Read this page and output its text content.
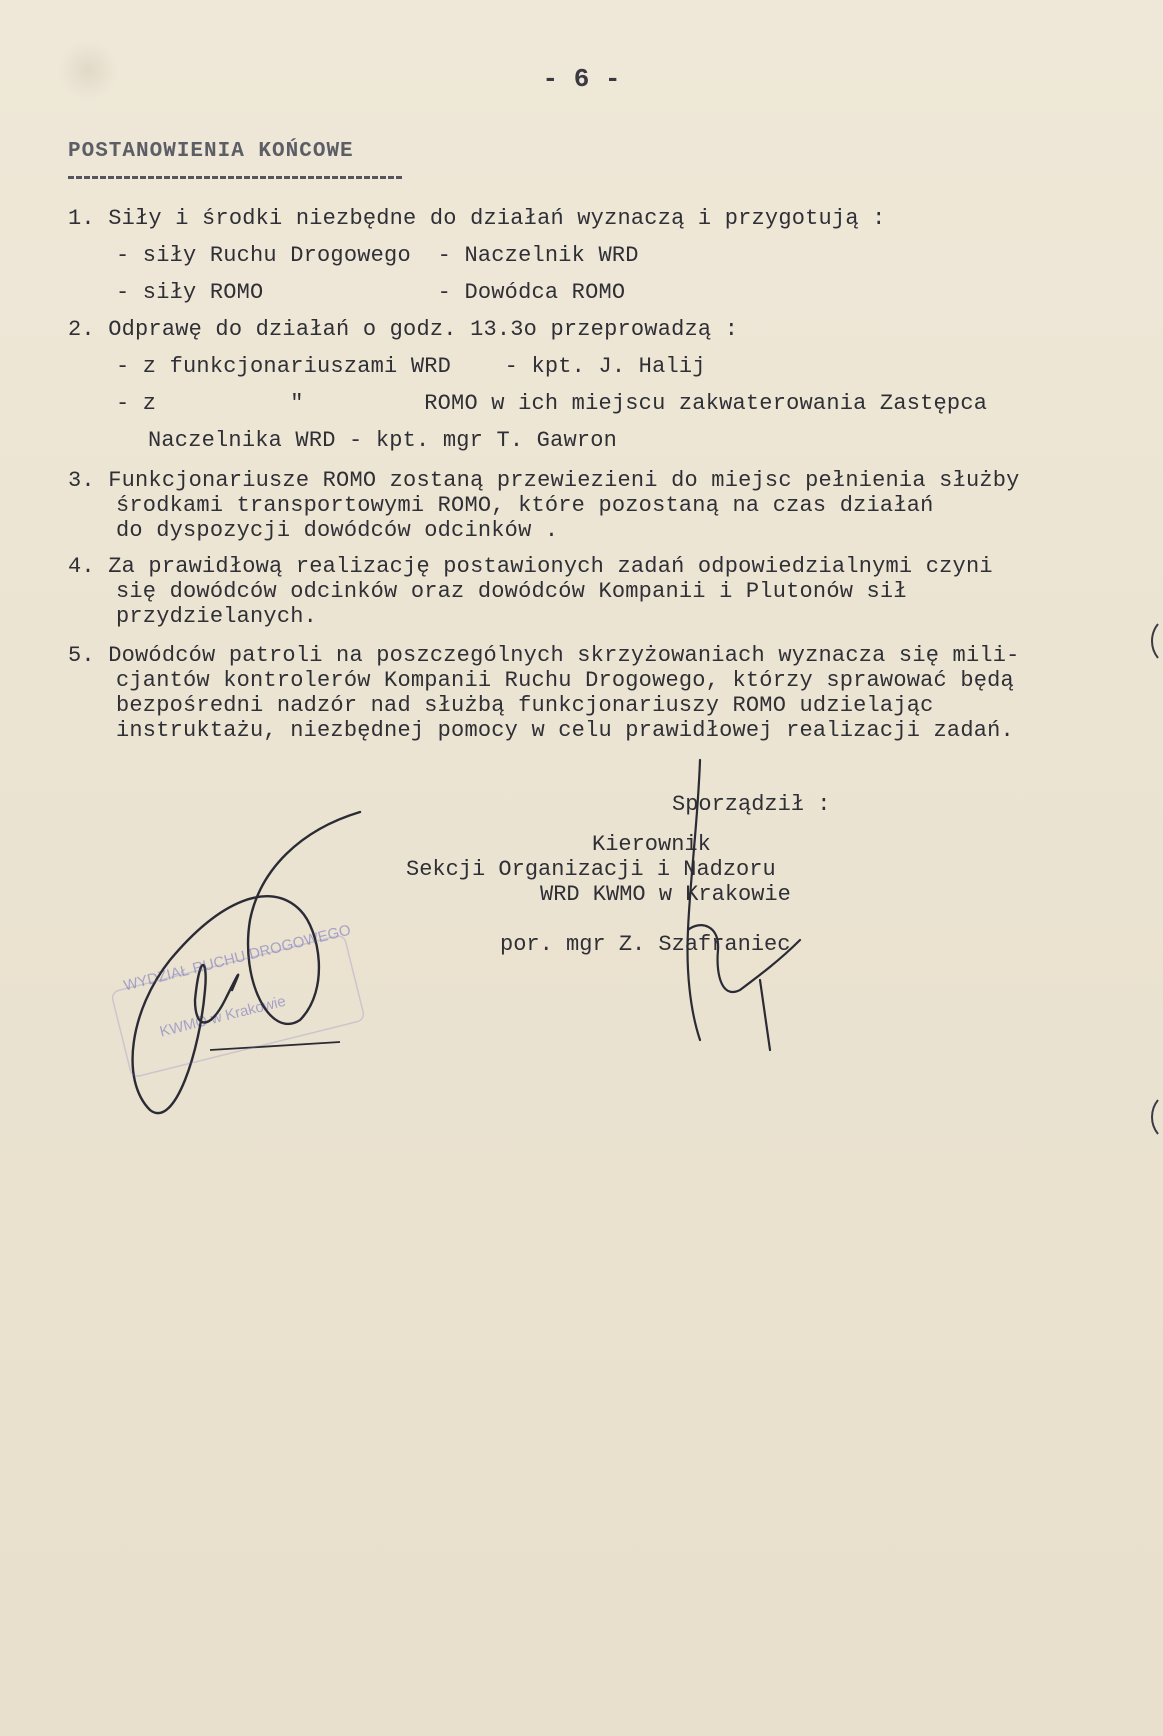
- 6 -
POSTANOWIENIA KOŃCOWE
1. Siły i środki niezbędne do działań wyznaczą i przygotują :
- siły Ruchu Drogowego  - Naczelnik WRD
- siły ROMO             - Dowódca ROMO
2. Odprawę do działań o godz. 13.3o przeprowadzą :
- z funkcjonariuszami WRD    - kpt. J. Halij
- z          "         ROMO w ich miejscu zakwaterowania Zastępca
Naczelnika WRD - kpt. mgr T. Gawron
3. Funkcjonariusze ROMO zostaną przewiezieni do miejsc pełnienia służby
środkami transportowymi ROMO, które pozostaną na czas działań
do dyspozycji dowódców odcinków .
4. Za prawidłową realizację postawionych zadań odpowiedzialnymi czyni
się dowódców odcinków oraz dowódców Kompanii i Plutonów sił
przydzielanych.
5. Dowódców patroli na poszczególnych skrzyżowaniach wyznacza się mili-
cjantów kontrolerów Kompanii Ruchu Drogowego, którzy sprawować będą
bezpośredni nadzór nad służbą funkcjonariuszy ROMO udzielając
instruktażu, niezbędnej pomocy w celu prawidłowej realizacji zadań.
Sporządził :
Kierownik
Sekcji Organizacji i Nadzoru
WRD KWMO w Krakowie
por. mgr Z. Szafraniec
WYDZIAŁ RUCHU DROGOWEGO
KWMO w Krakowie
